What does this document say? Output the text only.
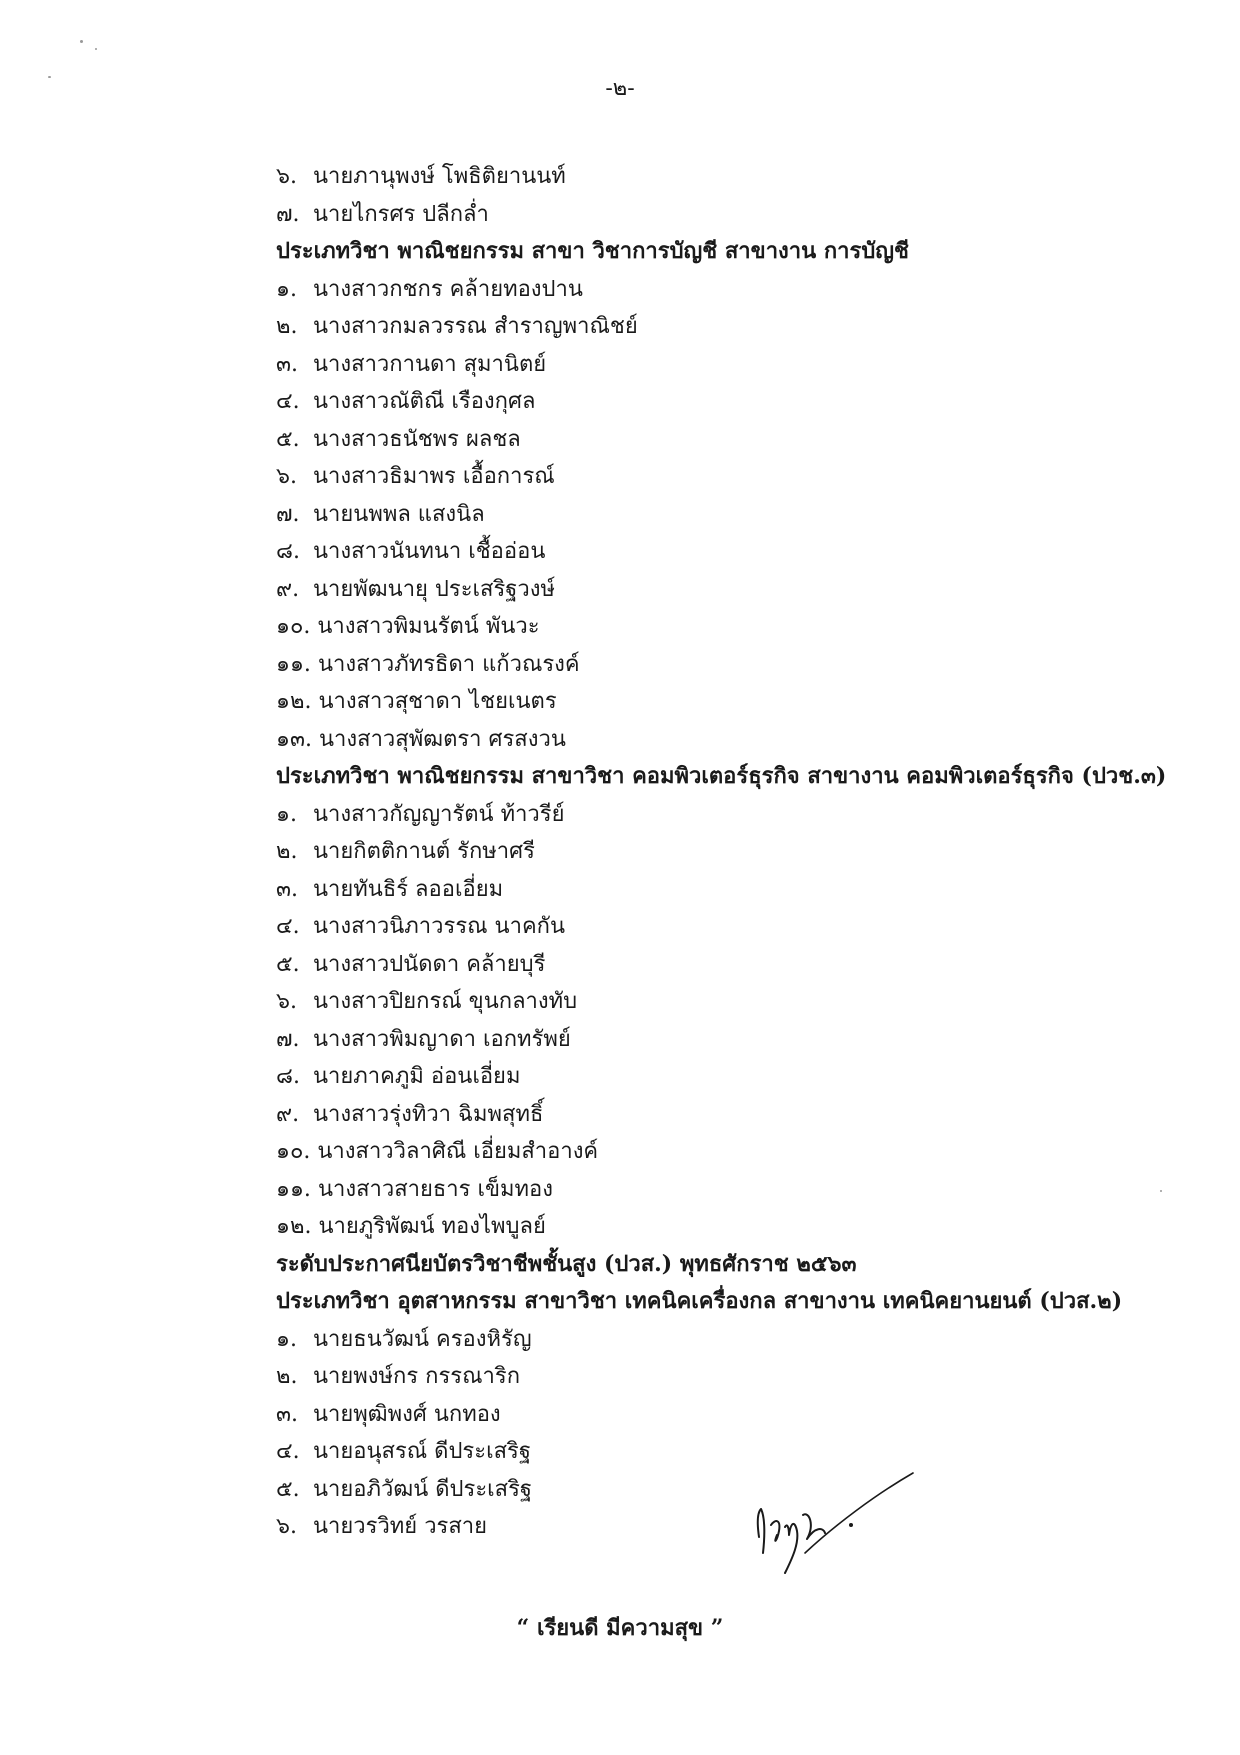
-๒-
๖. นายภานุพงษ์ โพธิติยานนท์
๗. นายไกรศร ปลีกล่ำ
ประเภทวิชา พาณิชยกรรม สาขา วิชาการบัญชี สาขางาน การบัญชี
๑. นางสาวกชกร คล้ายทองปาน
๒. นางสาวกมลวรรณ สำราญพาณิชย์
๓. นางสาวกานดา สุมานิตย์
๔. นางสาวณัติณี เรืองกุศล
๕. นางสาวธนัชพร ผลชล
๖. นางสาวธิมาพร เอื้อการณ์
๗. นายนพพล แสงนิล
๘. นางสาวนันทนา เชื้ออ่อน
๙. นายพัฒนายุ ประเสริฐวงษ์
๑๐. นางสาวพิมนรัตน์ พันวะ
๑๑. นางสาวภัทรธิดา แก้วณรงค์
๑๒. นางสาวสุชาดา ไชยเนตร
๑๓. นางสาวสุพัฒตรา ศรสงวน
ประเภทวิชา พาณิชยกรรม สาขาวิชา คอมพิวเตอร์ธุรกิจ สาขางาน คอมพิวเตอร์ธุรกิจ (ปวช.๓)
๑. นางสาวกัญญารัตน์ ท้าวรีย์
๒. นายกิตติกานต์ รักษาศรี
๓. นายทันธิร์ ลออเอี่ยม
๔. นางสาวนิภาวรรณ นาคกัน
๕. นางสาวปนัดดา คล้ายบุรี
๖. นางสาวปิยกรณ์ ขุนกลางทับ
๗. นางสาวพิมญาดา เอกทรัพย์
๘. นายภาคภูมิ อ่อนเอี่ยม
๙. นางสาวรุ่งทิวา ฉิมพสุทธิ์
๑๐. นางสาววิลาศิณี เอี่ยมสำอางค์
๑๑. นางสาวสายธาร เข็มทอง
๑๒. นายภูริพัฒน์ ทองไพบูลย์
ระดับประกาศนียบัตรวิชาชีพชั้นสูง (ปวส.) พุทธศักราช ๒๕๖๓
ประเภทวิชา อุตสาหกรรม สาขาวิชา เทคนิคเครื่องกล สาขางาน เทคนิคยานยนต์ (ปวส.๒)
๑. นายธนวัฒน์ ครองหิรัญ
๒. นายพงษ์กร กรรณาริก
๓. นายพุฒิพงศ์ นกทอง
๔. นายอนุสรณ์ ดีประเสริฐ
๕. นายอภิวัฒน์ ดีประเสริฐ
๖. นายวรวิทย์ วรสาย
“ เรียนดี มีความสุข ”
